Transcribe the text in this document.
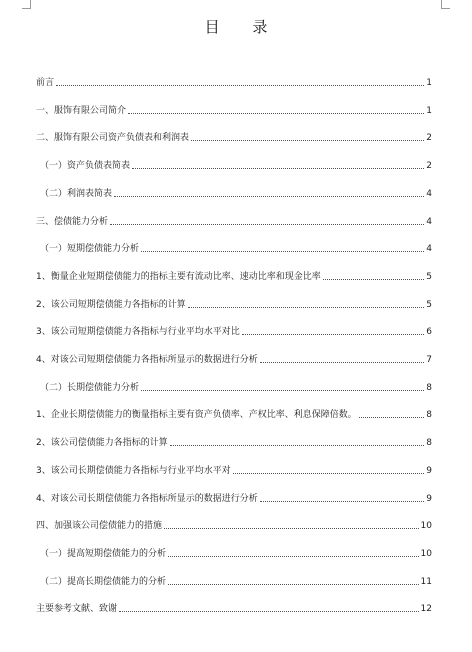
目 录
前言	1
一、服饰有限公司简介	1
二、服饰有限公司资产负债表和利润表	2
（一）资产负债表简表	2
（二）利润表简表	4
三、偿债能力分析	4
（一）短期偿债能力分析	4
1、衡量企业短期偿债能力的指标主要有流动比率、速动比率和现金比率	5
2、该公司短期偿债能力各指标的计算	5
3、该公司短期偿债能力各指标与行业平均水平对比	6
4、对该公司短期偿债能力各指标所显示的数据进行分析	7
（二）长期偿债能力分析	8
1、企业长期偿债能力的衡量指标主要有资产负债率、产权比率、利息保障倍数。	8
2、该公司偿债能力各指标的计算	8
3、该公司长期偿债能力各指标与行业平均水平对	9
4、对该公司长期偿债能力各指标所显示的数据进行分析	9
四、加强该公司偿债能力的措施	10
（一）提高短期偿债能力的分析	10
（二）提高长期偿债能力的分析	11
主要参考文献、致谢	12
